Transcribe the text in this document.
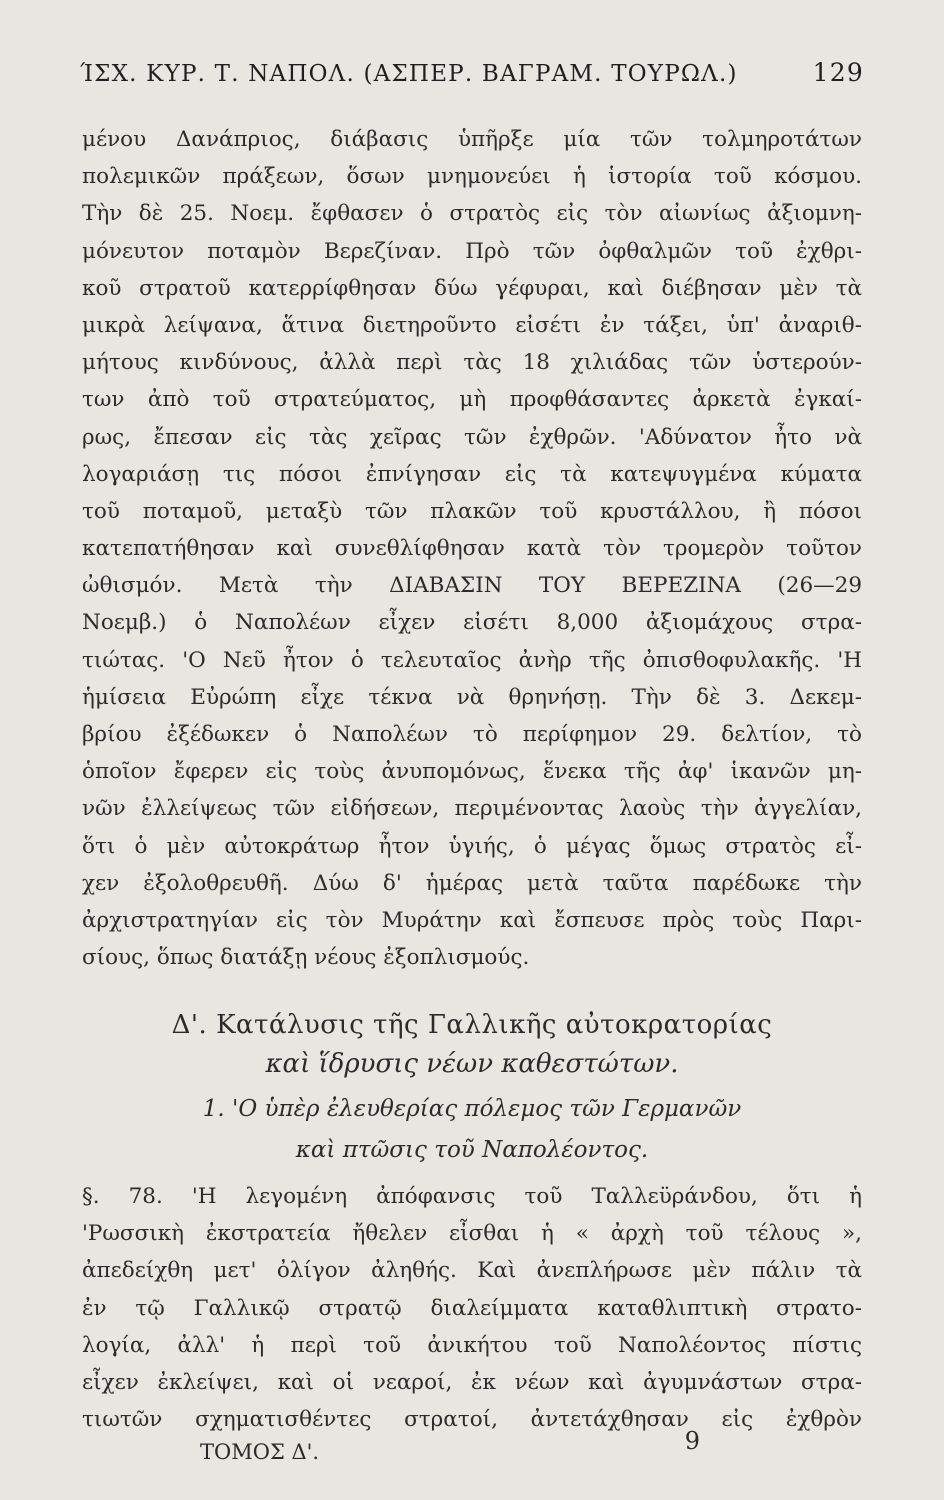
ΊΣΧ. ΚΥΡ. Τ. ΝΑΠΟΛ. (ΑΣΠΕΡ. ΒΑΓΡΑΜ. ΤΟΥΡΩΛ.)	129
μένου Δανάπριος, διάβασις ὑπῆρξε μία τῶν τολμηροτάτων
πολεμικῶν πράξεων, ὅσων μνημονεύει ἡ ἱστορία τοῦ κόσμου.
Τὴν δὲ 25. Νοεμ. ἔφθασεν ὁ στρατὸς εἰς τὸν αἰωνίως ἀξιομνη-
μόνευτον ποταμὸν Βερεζίναν. Πρὸ τῶν ὀφθαλμῶν τοῦ ἐχθρι-
κοῦ στρατοῦ κατερρίφθησαν δύω γέφυραι, καὶ διέβησαν μὲν τὰ
μικρὰ λείψανα, ἅτινα διετηροῦντο εἰσέτι ἐν τάξει, ὑπ' ἀναριθ-
μήτους κινδύνους, ἀλλὰ περὶ τὰς 18 χιλιάδας τῶν ὑστερούν-
των ἀπὸ τοῦ στρατεύματος, μὴ προφθάσαντες ἀρκετὰ ἐγκαί-
ρως, ἔπεσαν εἰς τὰς χεῖρας τῶν ἐχθρῶν. 'Αδύνατον ἦτο νὰ
λογαριάσῃ τις πόσοι ἐπνίγησαν εἰς τὰ κατεψυγμένα κύματα
τοῦ ποταμοῦ, μεταξὺ τῶν πλακῶν τοῦ κρυστάλλου, ἢ πόσοι
κατεπατήθησαν καὶ συνεθλίφθησαν κατὰ τὸν τρομερὸν τοῦτον
ὠθισμόν. Μετὰ τὴν ΔΙΑΒΑΣΙΝ ΤΟΥ ΒΕΡΕΖΙΝΑ (26—29
Νοεμβ.) ὁ Ναπολέων εἶχεν εἰσέτι 8,000 ἀξιομάχους στρα-
τιώτας. 'Ο Νεῦ ἦτον ὁ τελευταῖος ἀνὴρ τῆς ὀπισθοφυλακῆς. 'Η
ἡμίσεια Εὐρώπη εἶχε τέκνα νὰ θρηνήσῃ. Τὴν δὲ 3. Δεκεμ-
βρίου ἐξέδωκεν ὁ Ναπολέων τὸ περίφημον 29. δελτίον, τὸ
ὁποῖον ἔφερεν εἰς τοὺς ἀνυπομόνως, ἕνεκα τῆς ἀφ' ἱκανῶν μη-
νῶν ἐλλείψεως τῶν εἰδήσεων, περιμένοντας λαοὺς τὴν ἀγγελίαν,
ὅτι ὁ μὲν αὐτοκράτωρ ἦτον ὑγιής, ὁ μέγας ὅμως στρατὸς εἶ-
χεν ἐξολοθρευθῆ. Δύω δ' ἡμέρας μετὰ ταῦτα παρέδωκε τὴν
ἀρχιστρατηγίαν εἰς τὸν Μυράτην καὶ ἔσπευσε πρὸς τοὺς Παρι-
σίους, ὅπως διατάξῃ νέους ἐξοπλισμούς.
Δ'. Κατάλυσις τῆς Γαλλικῆς αὐτοκρατορίας
καὶ ἵδρυσις νέων καθεστώτων.
1. 'Ο ὑπὲρ ἐλευθερίας πόλεμος τῶν Γερμανῶν
καὶ πτῶσις τοῦ Ναπολέοντος.
§. 78. 'Η λεγομένη ἀπόφανσις τοῦ Ταλλεϋράνδου, ὅτι ἡ
'Ρωσσικὴ ἐκστρατεία ἤθελεν εἶσθαι ἡ « ἀρχὴ τοῦ τέλους »,
ἀπεδείχθη μετ' ὀλίγον ἀληθής. Καὶ ἀνεπλήρωσε μὲν πάλιν τὰ
ἐν τῷ Γαλλικῷ στρατῷ διαλείμματα καταθλιπτικὴ στρατο-
λογία, ἀλλ' ἡ περὶ τοῦ ἀνικήτου τοῦ Ναπολέοντος πίστις
εἶχεν ἐκλείψει, καὶ οἱ νεαροί, ἐκ νέων καὶ ἀγυμνάστων στρα-
τιωτῶν σχηματισθέντες στρατοί, ἀντετάχθησαν εἰς ἐχθρὸν
ΤΟΜΟΣ Δ'.	9
